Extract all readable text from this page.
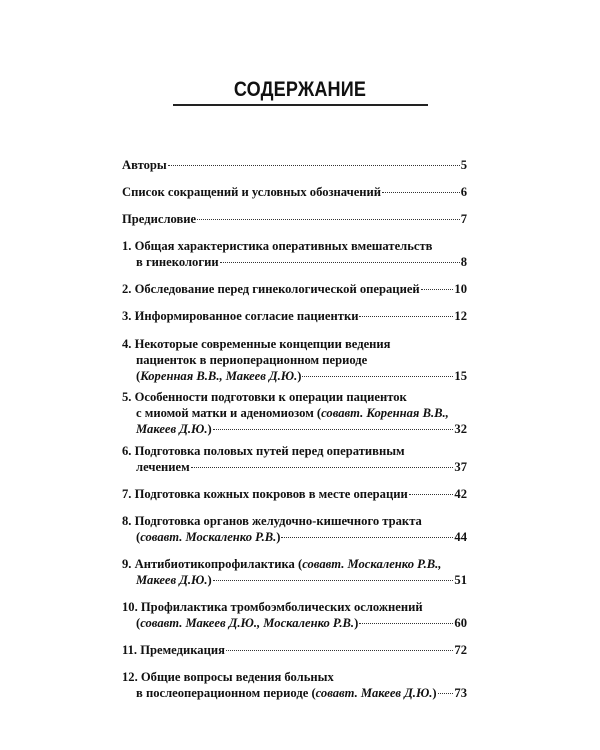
СОДЕРЖАНИЕ
Авторы	5
Список сокращений и условных обозначений	6
Предисловие	7
1. Общая характеристика оперативных вмешательств
в гинекологии	8
2. Обследование перед гинекологической операцией	10
3. Информированное согласие пациентки	12
4. Некоторые современные концепции ведения
пациенток в периоперационном периоде
(Коренная В.В., Макеев Д.Ю.)	15
5. Особенности подготовки к операции пациенток
с миомой матки и аденомиозом (совавт. Коренная В.В.,
Макеев Д.Ю.)	32
6. Подготовка половых путей перед оперативным
лечением	37
7. Подготовка кожных покровов в месте операции	42
8. Подготовка органов желудочно-кишечного тракта
(совавт. Москаленко Р.В.)	44
9. Антибиотикопрофилактика (совавт. Москаленко Р.В.,
Макеев Д.Ю.)	51
10. Профилактика тромбоэмболических осложнений
(совавт. Макеев Д.Ю., Москаленко Р.В.)	60
11. Премедикация	72
12. Общие вопросы ведения больных
в послеоперационном периоде (совавт. Макеев Д.Ю.) 73
